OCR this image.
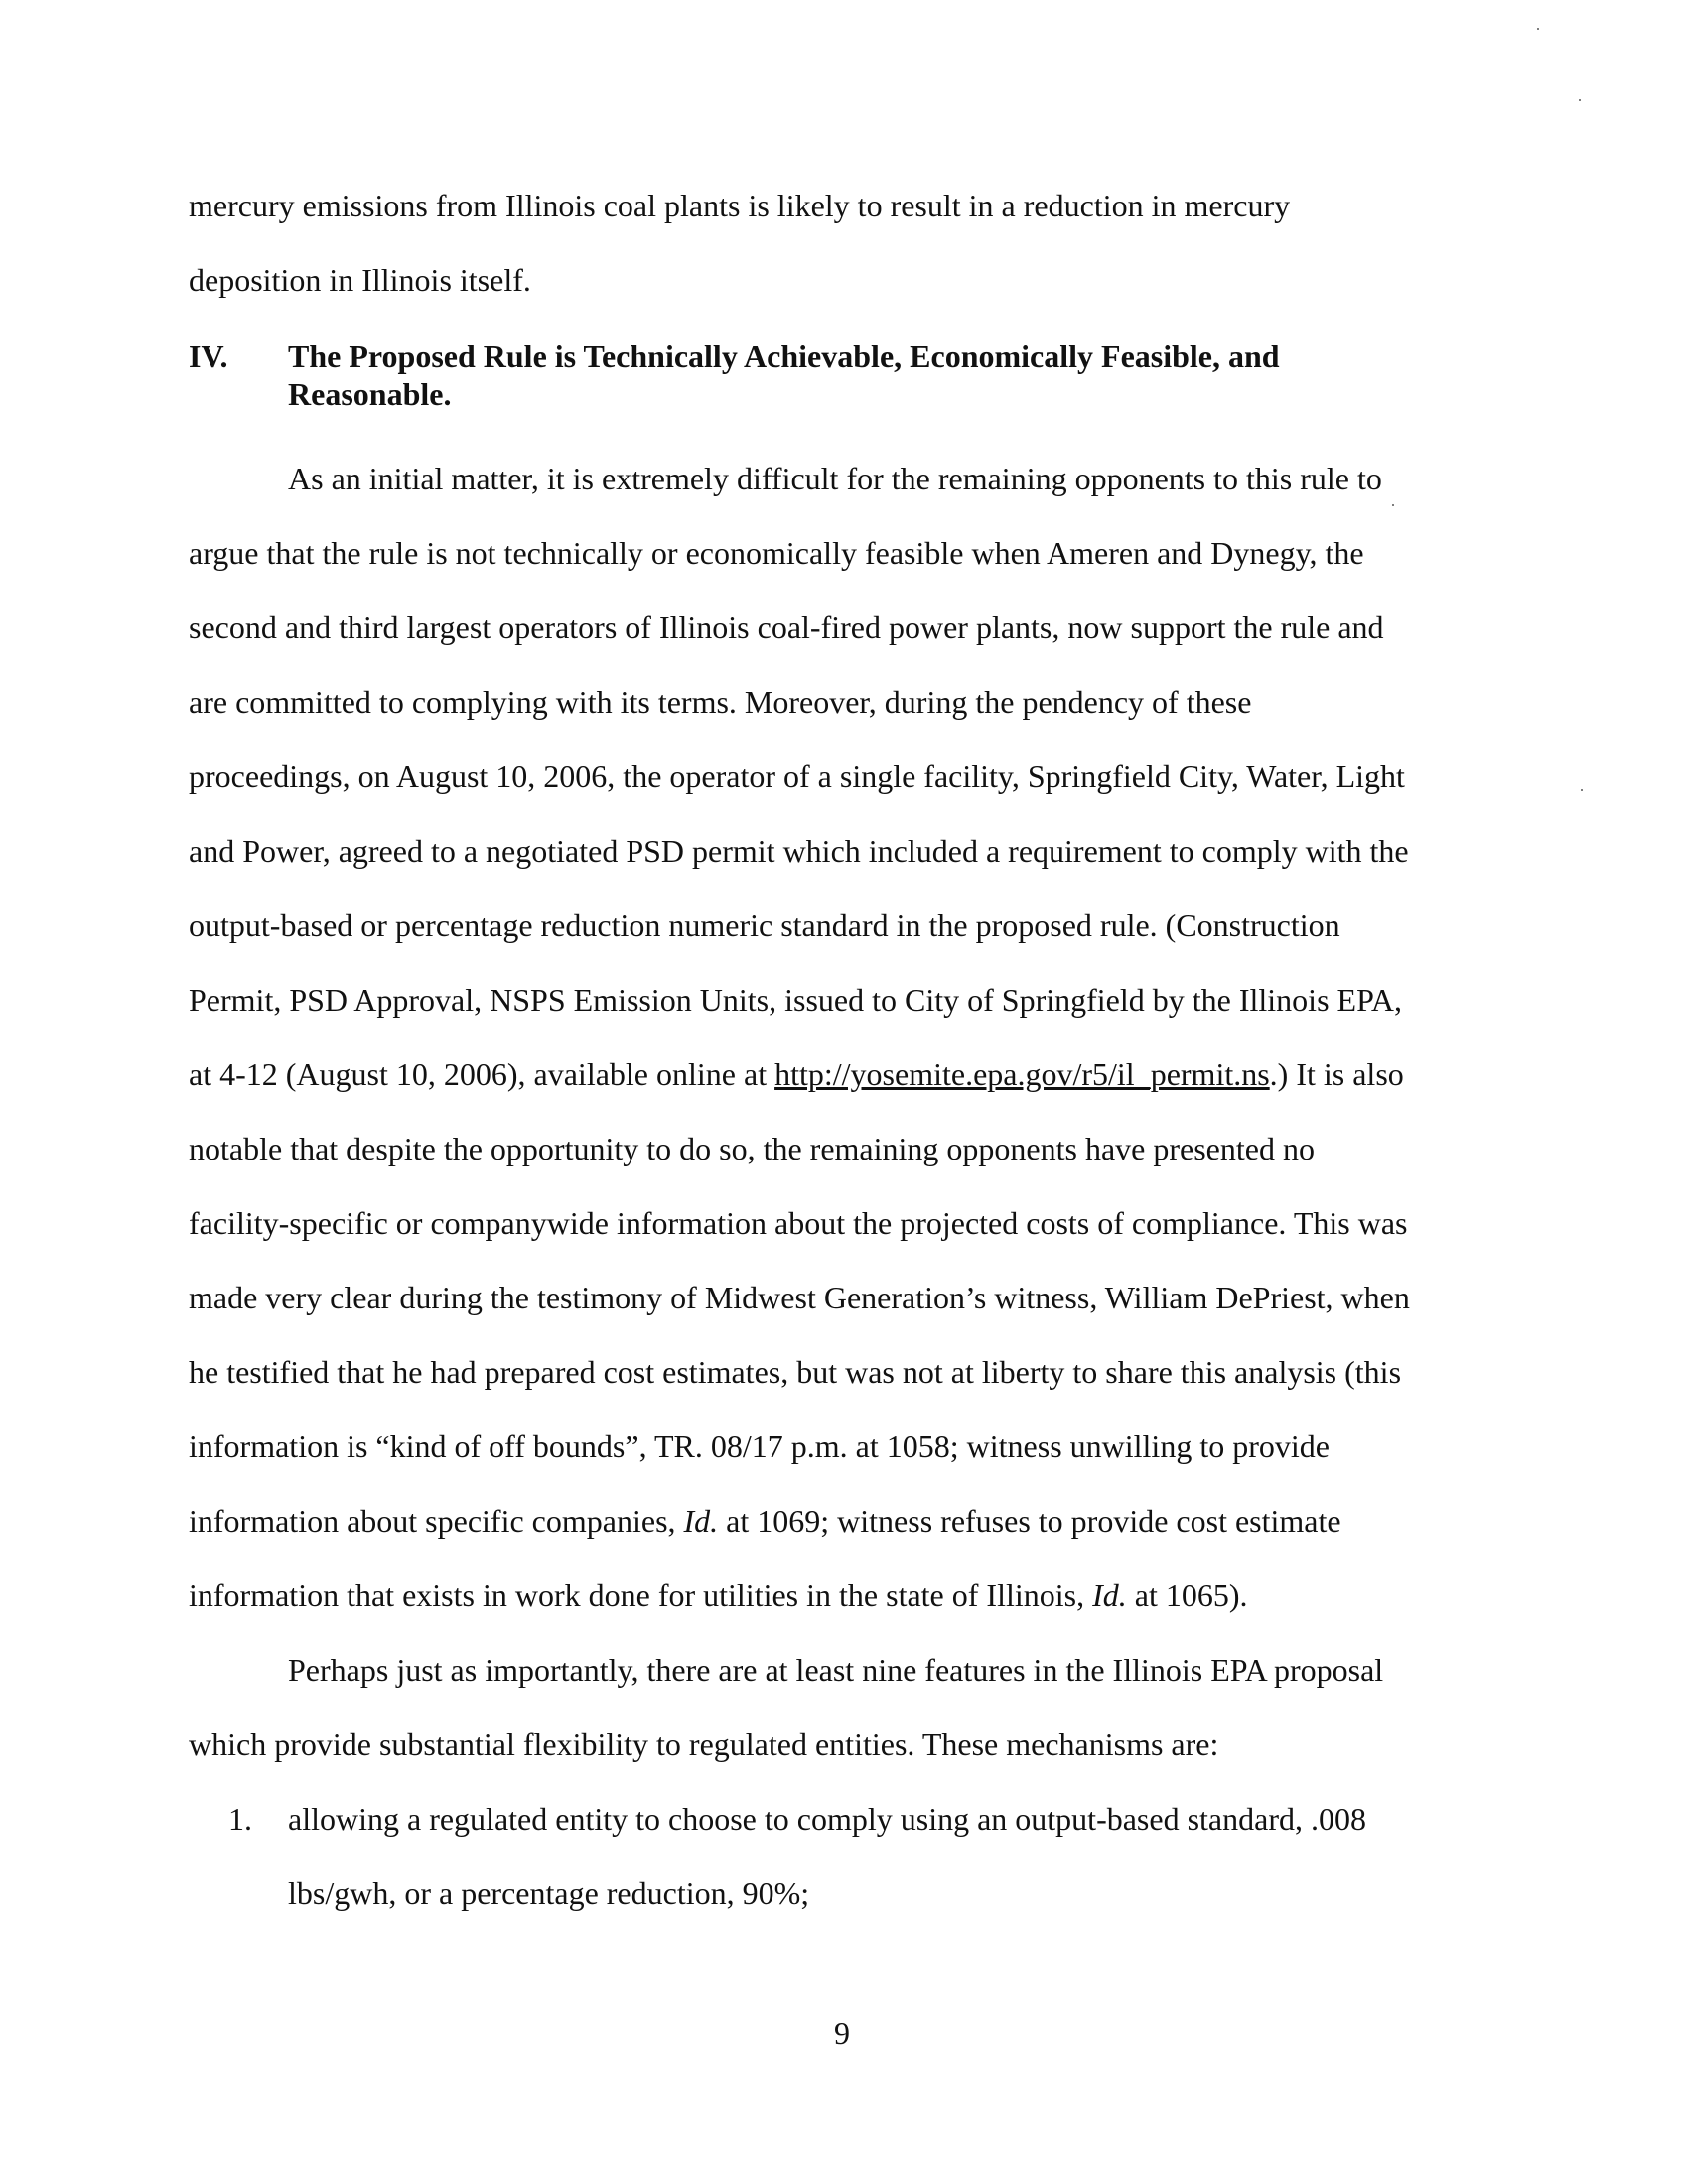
mercury emissions from Illinois coal plants is likely to result in a reduction in mercury
deposition in Illinois itself.
IV. The Proposed Rule is Technically Achievable, Economically Feasible, and Reasonable.

As an initial matter, it is extremely difficult for the remaining opponents to this rule to argue that the rule is not technically or economically feasible when Ameren and Dynegy, the second and third largest operators of Illinois coal-fired power plants, now support the rule and are committed to complying with its terms. Moreover, during the pendency of these proceedings, on August 10, 2006, the operator of a single facility, Springfield City, Water, Light and Power, agreed to a negotiated PSD permit which included a requirement to comply with the output-based or percentage reduction numeric standard in the proposed rule. (Construction Permit, PSD Approval, NSPS Emission Units, issued to City of Springfield by the Illinois EPA, at 4-12 (August 10, 2006), available online at http://yosemite.epa.gov/r5/il_permit.ns.) It is also notable that despite the opportunity to do so, the remaining opponents have presented no facility-specific or companywide information about the projected costs of compliance. This was made very clear during the testimony of Midwest Generation’s witness, William DePriest, when he testified that he had prepared cost estimates, but was not at liberty to share this analysis (this information is “kind of off bounds”, TR. 08/17 p.m. at 1058; witness unwilling to provide information about specific companies, Id. at 1069; witness refuses to provide cost estimate information that exists in work done for utilities in the state of Illinois, Id. at 1065).

Perhaps just as importantly, there are at least nine features in the Illinois EPA proposal which provide substantial flexibility to regulated entities. These mechanisms are:

1. allowing a regulated entity to choose to comply using an output-based standard, .008 lbs/gwh, or a percentage reduction, 90%;
9
